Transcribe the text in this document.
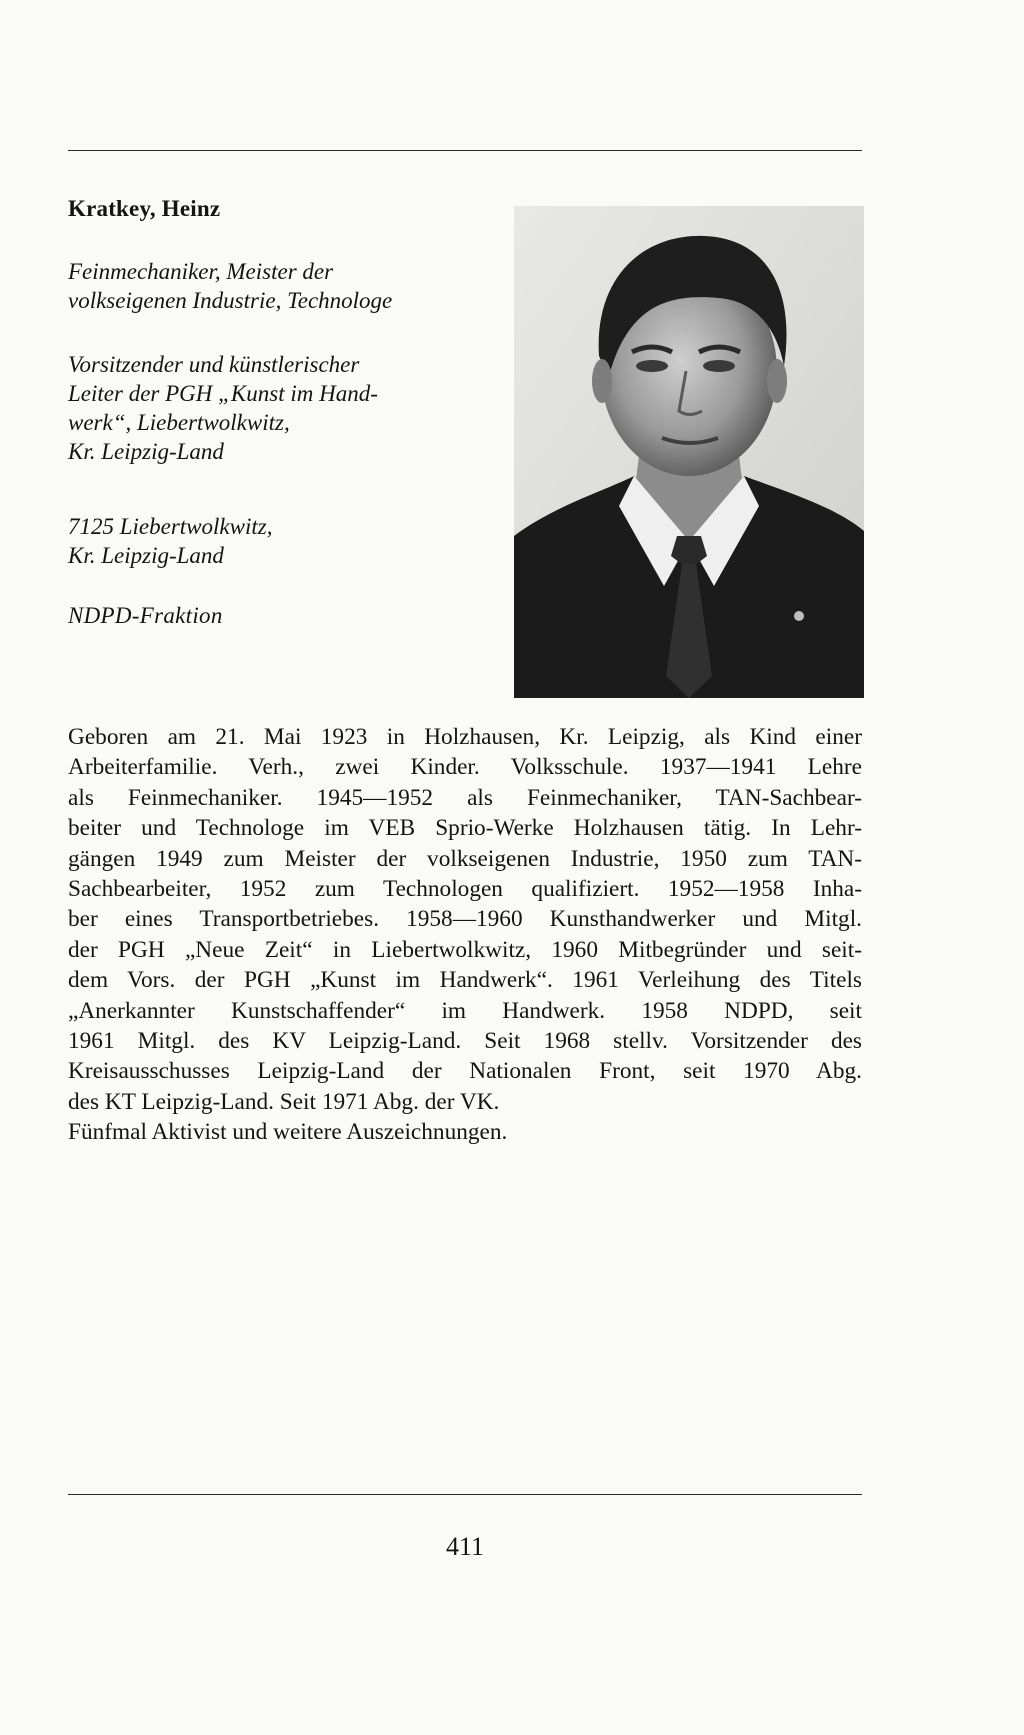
Kratkey, Heinz
Feinmechaniker, Meister der
volkseigenen Industrie, Technologe
Vorsitzender und künstlerischer
Leiter der PGH „Kunst im Hand-
werk“, Liebertwolkwitz,
Kr. Leipzig-Land
7125 Liebertwolkwitz,
Kr. Leipzig-Land
NDPD-Fraktion
Geboren am 21. Mai 1923 in Holzhausen, Kr. Leipzig, als Kind einer
Arbeiterfamilie. Verh., zwei Kinder. Volksschule. 1937—1941 Lehre
als Feinmechaniker. 1945—1952 als Feinmechaniker, TAN-Sachbear-
beiter und Technologe im VEB Sprio-Werke Holzhausen tätig. In Lehr-
gängen 1949 zum Meister der volkseigenen Industrie, 1950 zum TAN-
Sachbearbeiter, 1952 zum Technologen qualifiziert. 1952—1958 Inha-
ber eines Transportbetriebes. 1958—1960 Kunsthandwerker und Mitgl.
der PGH „Neue Zeit“ in Liebertwolkwitz, 1960 Mitbegründer und seit-
dem Vors. der PGH „Kunst im Handwerk“. 1961 Verleihung des Titels
„Anerkannter Kunstschaffender“ im Handwerk. 1958 NDPD, seit
1961 Mitgl. des KV Leipzig-Land. Seit 1968 stellv. Vorsitzender des
Kreisausschusses Leipzig-Land der Nationalen Front, seit 1970 Abg.
des KT Leipzig-Land. Seit 1971 Abg. der VK.
Fünfmal Aktivist und weitere Auszeichnungen.
411
